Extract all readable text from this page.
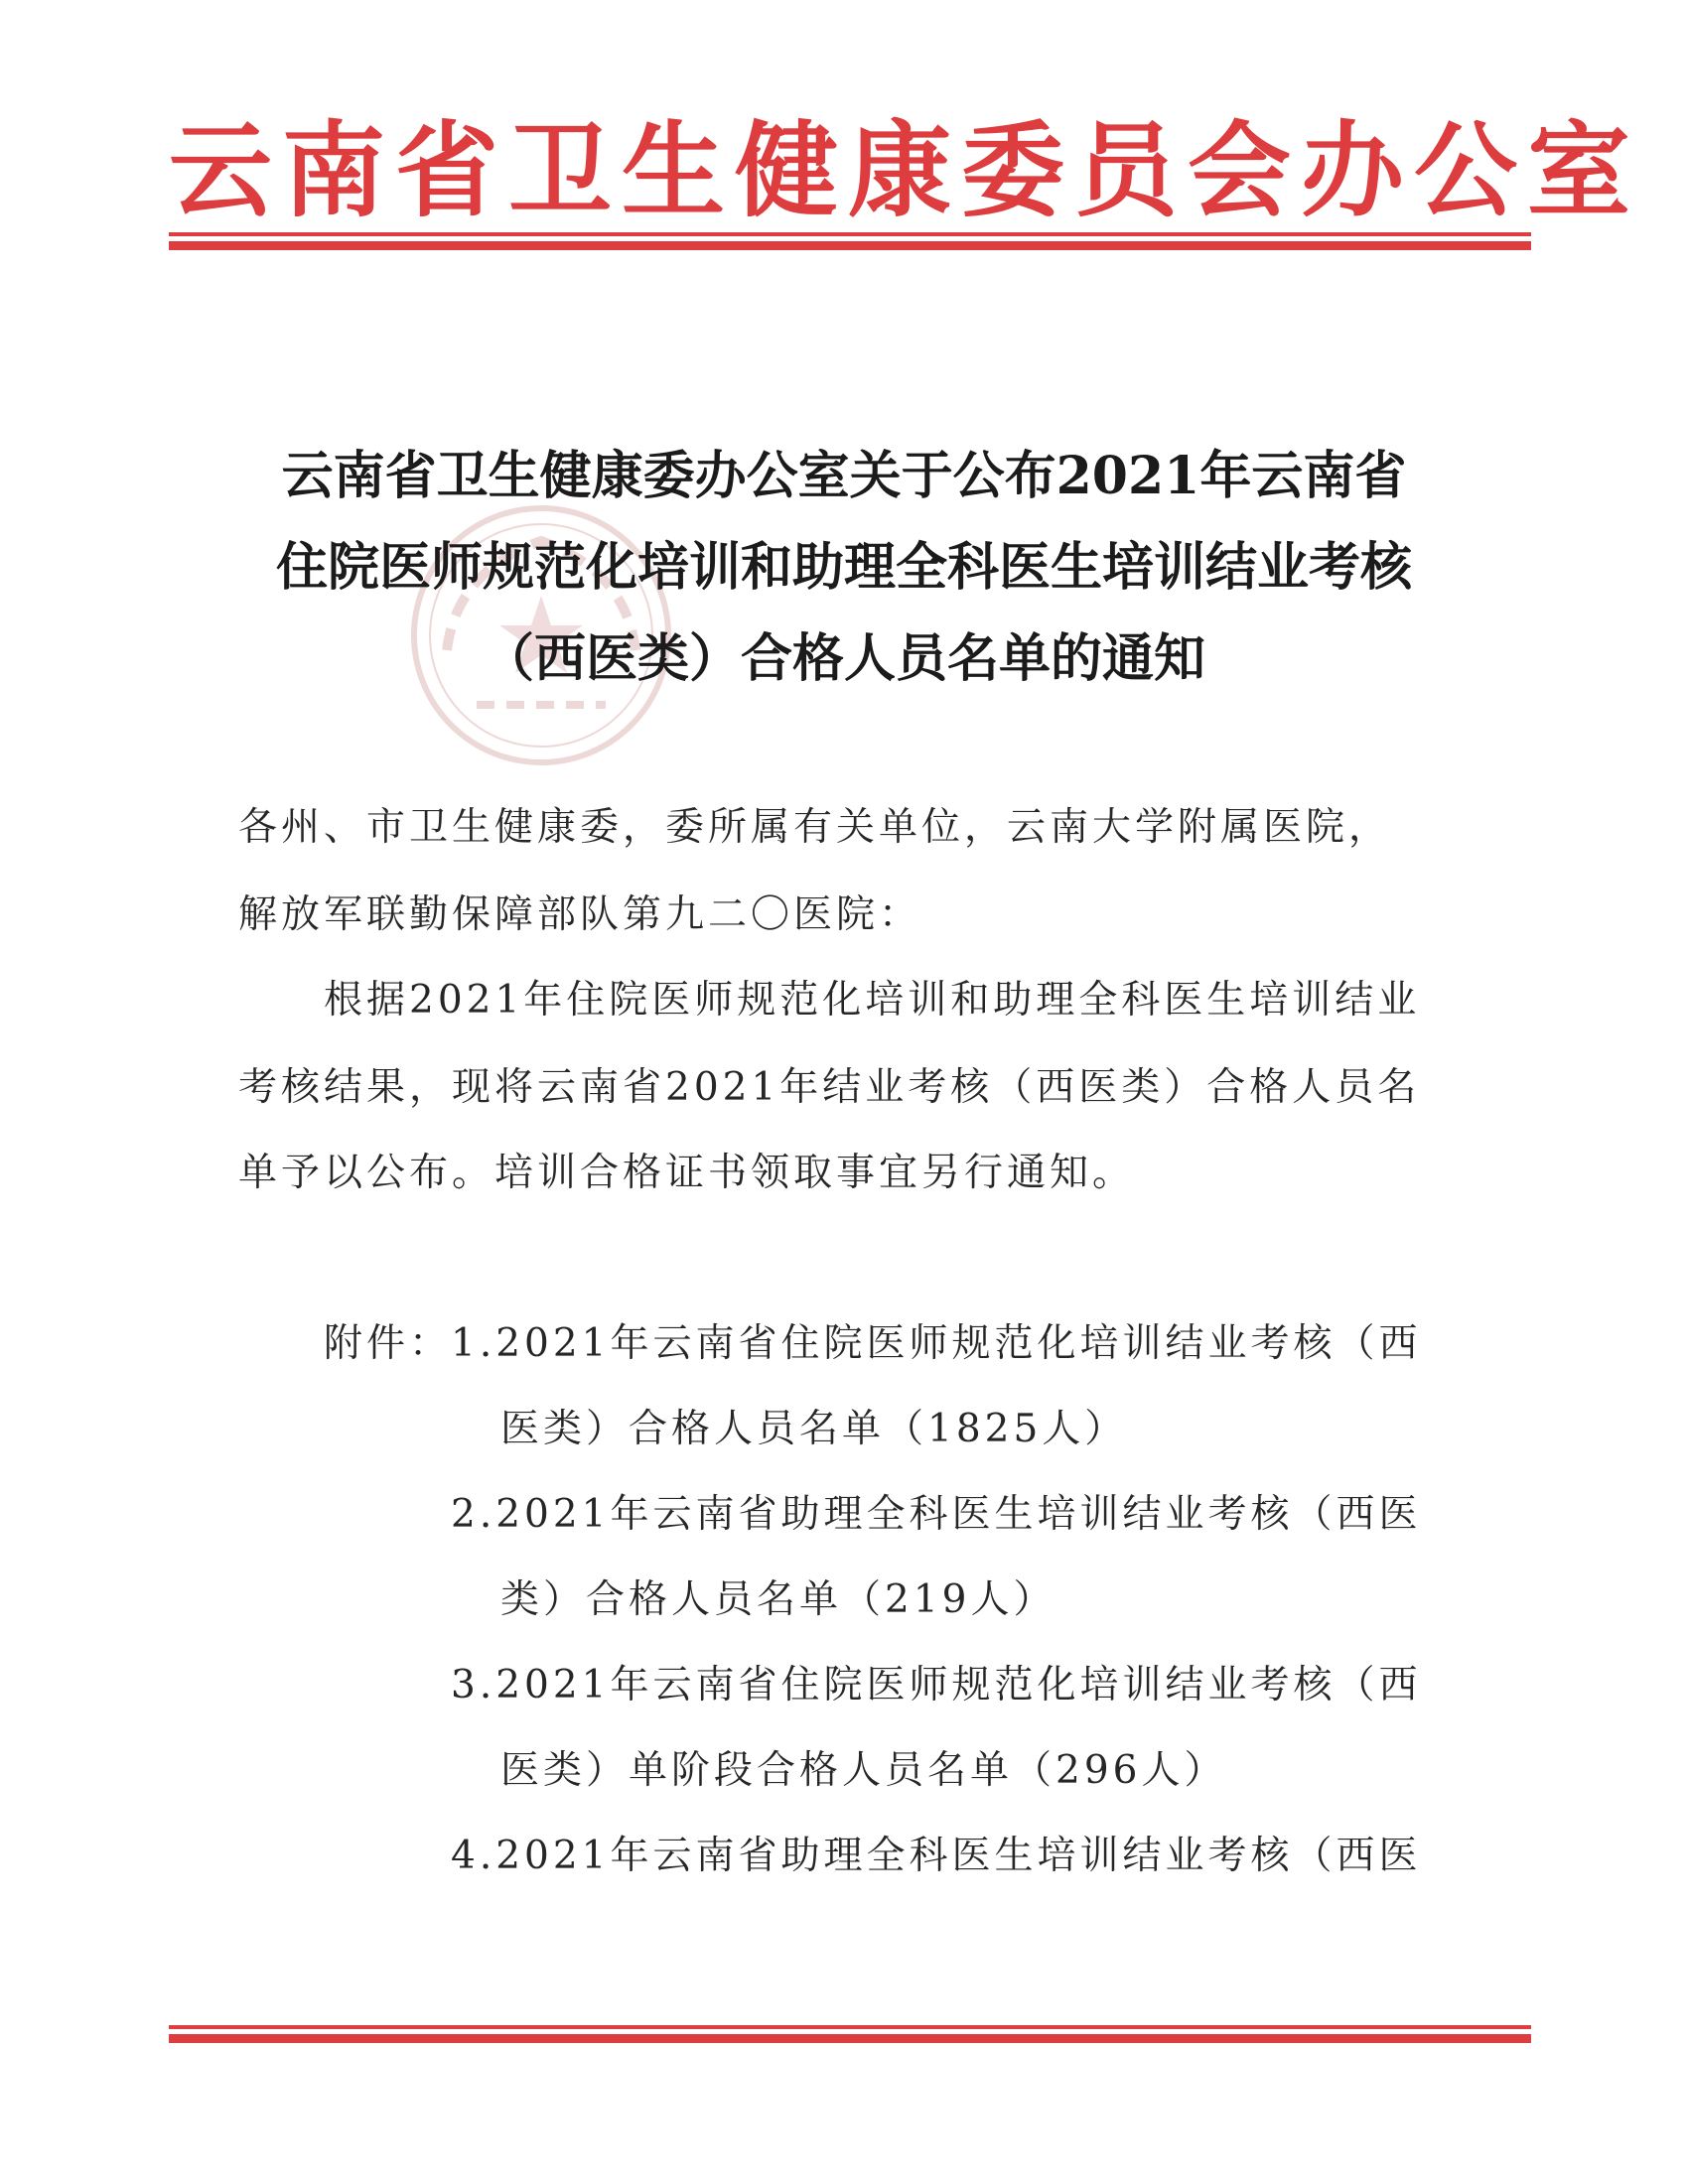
云南省卫生健康委员会办公室
云南省卫生健康委办公室关于公布2021年云南省
住院医师规范化培训和助理全科医生培训结业考核
（西医类）合格人员名单的通知
各州、市卫生健康委，委所属有关单位，云南大学附属医院，
解放军联勤保障部队第九二〇医院：
根据2021年住院医师规范化培训和助理全科医生培训结业
考核结果，现将云南省2021年结业考核（西医类）合格人员名
单予以公布。培训合格证书领取事宜另行通知。
附件：
1.2021年云南省住院医师规范化培训结业考核（西
医类）合格人员名单（1825人）
2.2021年云南省助理全科医生培训结业考核（西医
类）合格人员名单（219人）
3.2021年云南省住院医师规范化培训结业考核（西
医类）单阶段合格人员名单（296人）
4.2021年云南省助理全科医生培训结业考核（西医
